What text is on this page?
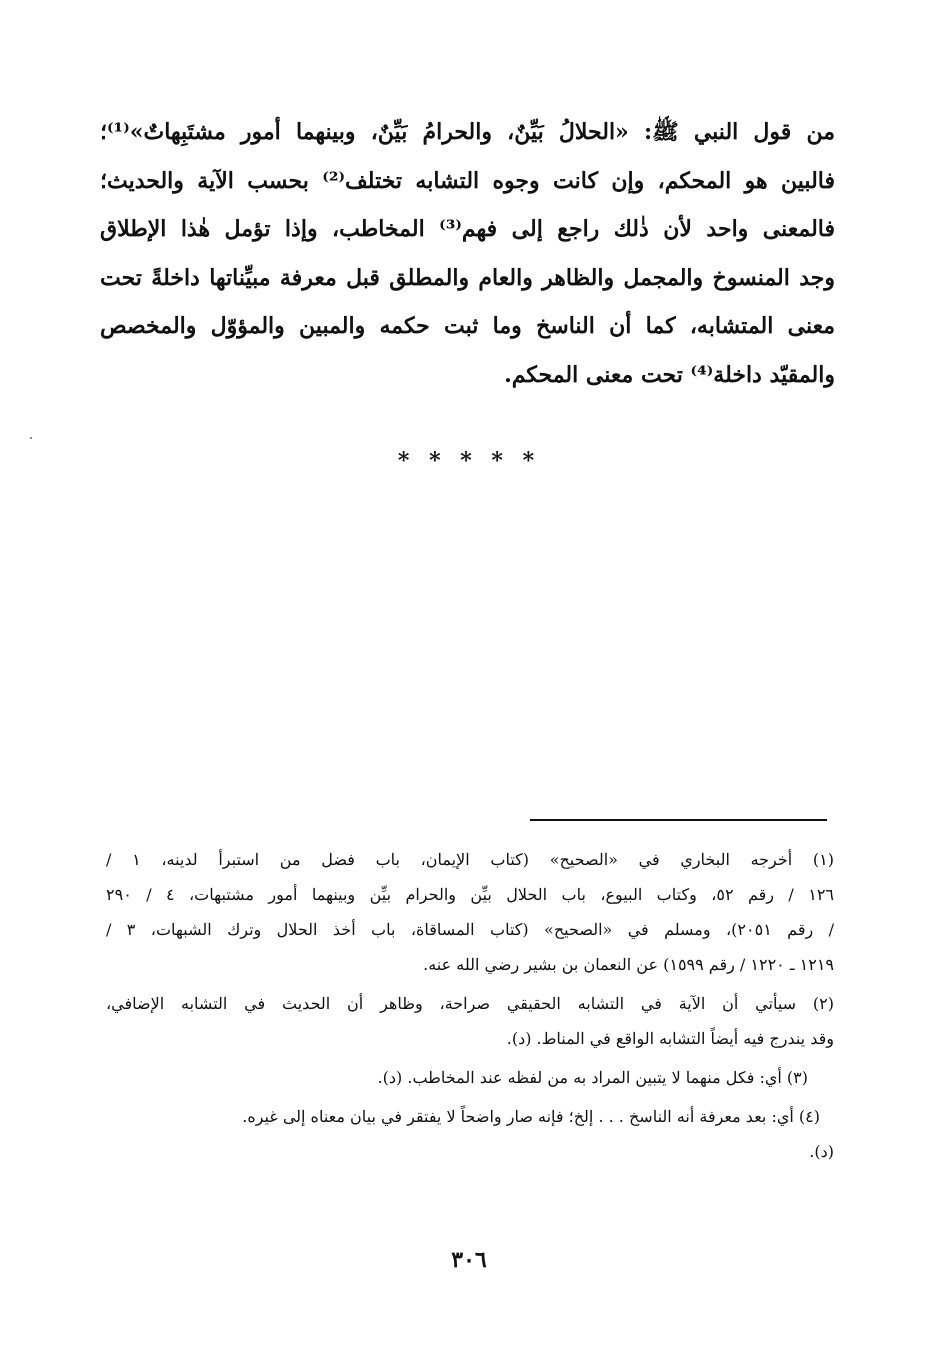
من قول النبي ﷺ: «الحلالُ بَيِّنٌ، والحرامُ بَيِّنٌ، وبينهما أمور مشتَبِهاتٌ»⁽¹⁾؛
فالبين هو المحكم، وإن كانت وجوه التشابه تختلف⁽²⁾ بحسب الآية والحديث؛
فالمعنى واحد لأن ذٰلك راجع إلى فهم⁽³⁾ المخاطب، وإذا تؤمل هٰذا الإطلاق
وجد المنسوخ والمجمل والظاهر والعام والمطلق قبل معرفة مبيِّناتها داخلةً تحت
معنى المتشابه، كما أن الناسخ وما ثبت حكمه والمبين والمؤوّل والمخصص
والمقيّد داخلة⁽⁴⁾ تحت معنى المحكم.
* * * * *
(١) أخرجه البخاري في «الصحيح» (كتاب الإيمان، باب فضل من استبرأ لدينه، ١ /
١٢٦ / رقم ٥٢، وكتاب البيوع، باب الحلال بيِّن والحرام بيِّن وبينهما أمور مشتبهات، ٤ / ٢٩٠
/ رقم ٢٠٥١)، ومسلم في «الصحيح» (كتاب المساقاة، باب أخذ الحلال وترك الشبهات، ٣ /
١٢١٩ ـ ١٢٢٠ / رقم ١٥٩٩) عن النعمان بن بشير رضي الله عنه.
(٢) سيأتي أن الآية في التشابه الحقيقي صراحة، وظاهر أن الحديث في التشابه الإضافي،
وقد يندرج فيه أيضاً التشابه الواقع في المناط. (د).
(٣) أي: فكل منهما لا يتبين المراد به من لفظه عند المخاطب. (د).
(٤) أي: بعد معرفة أنه الناسخ . . . إلخ؛ فإنه صار واضحاً لا يفتقر في بيان معناه إلى غيره.
(د).
٣٠٦
